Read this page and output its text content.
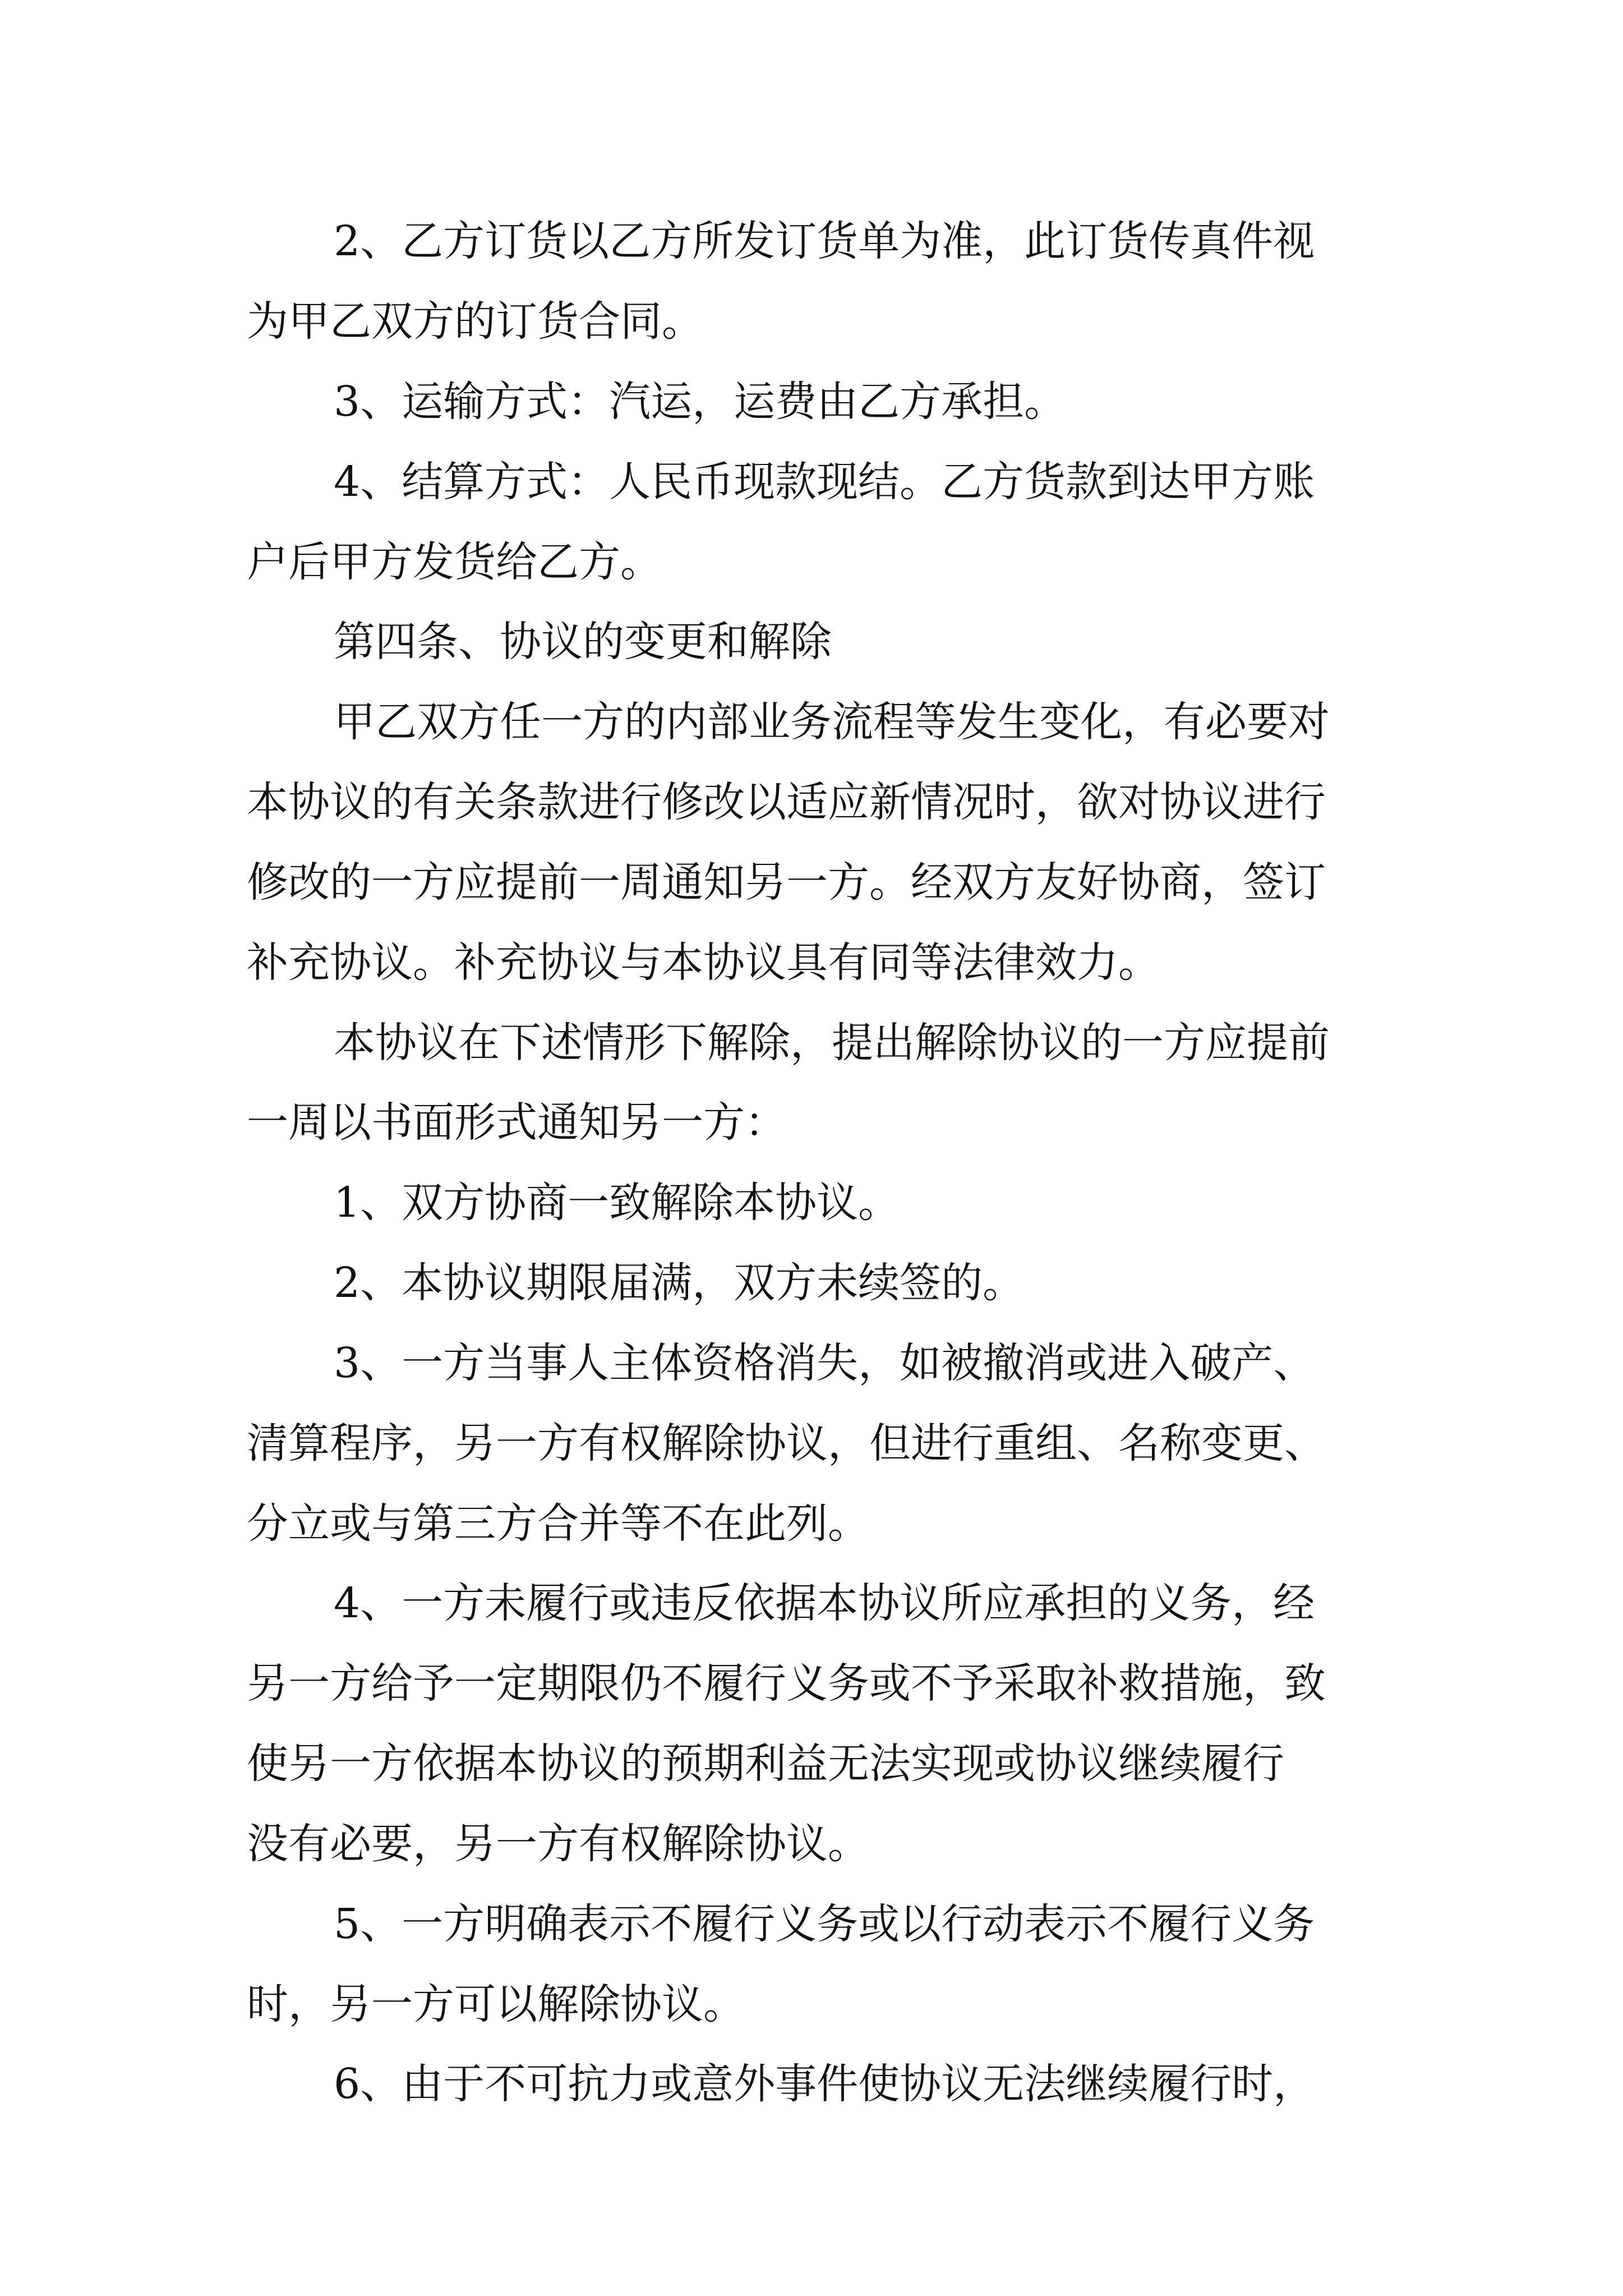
2、乙方订货以乙方所发订货单为准，此订货传真件视

为甲乙双方的订货合同。

3、运输方式：汽运，运费由乙方承担。

4、结算方式：人民币现款现结。乙方货款到达甲方账

户后甲方发货给乙方。

第四条、协议的变更和解除

甲乙双方任一方的内部业务流程等发生变化，有必要对

本协议的有关条款进行修改以适应新情况时，欲对协议进行

修改的一方应提前一周通知另一方。经双方友好协商，签订

补充协议。补充协议与本协议具有同等法律效力。

本协议在下述情形下解除，提出解除协议的一方应提前

一周以书面形式通知另一方：

1、双方协商一致解除本协议。

2、本协议期限届满，双方未续签的。

3、一方当事人主体资格消失，如被撤消或进入破产、

清算程序，另一方有权解除协议，但进行重组、名称变更、

分立或与第三方合并等不在此列。

4、一方未履行或违反依据本协议所应承担的义务，经

另一方给予一定期限仍不履行义务或不予采取补救措施，致

使另一方依据本协议的预期利益无法实现或协议继续履行

没有必要，另一方有权解除协议。

5、一方明确表示不履行义务或以行动表示不履行义务

时，另一方可以解除协议。

6、由于不可抗力或意外事件使协议无法继续履行时，
